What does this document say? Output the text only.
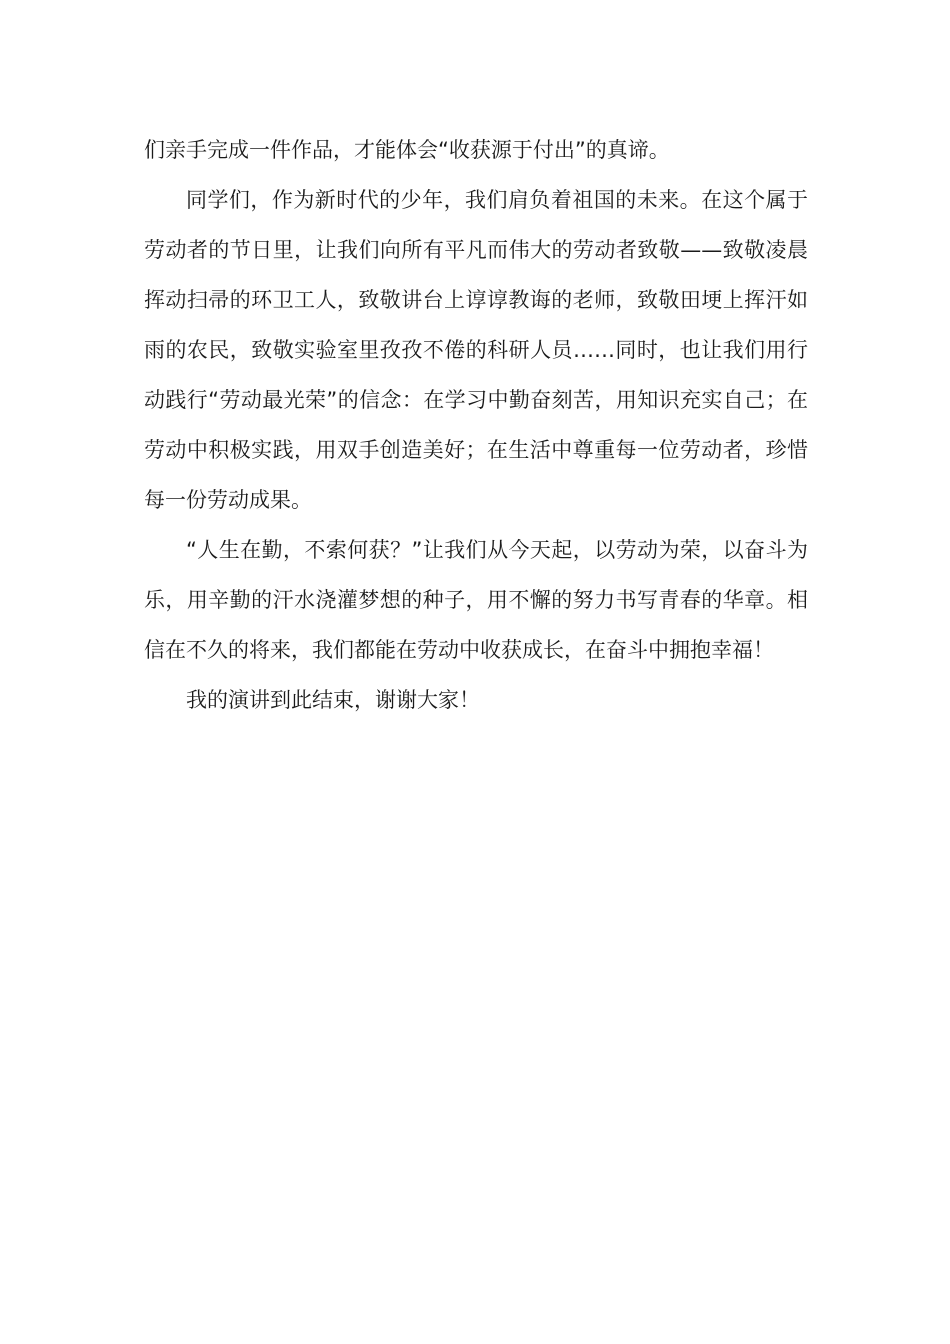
们亲手完成一件作品，才能体会“收获源于付出”的真谛。

同学们，作为新时代的少年，我们肩负着祖国的未来。在这个属于劳动者的节日里，让我们向所有平凡而伟大的劳动者致敬——致敬凌晨挥动扫帚的环卫工人，致敬讲台上谆谆教诲的老师，致敬田埂上挥汗如雨的农民，致敬实验室里孜孜不倦的科研人员……同时，也让我们用行动践行“劳动最光荣”的信念：在学习中勤奋刻苦，用知识充实自己；在劳动中积极实践，用双手创造美好；在生活中尊重每一位劳动者，珍惜每一份劳动成果。

“人生在勤，不索何获？”让我们从今天起，以劳动为荣，以奋斗为乐，用辛勤的汗水浇灌梦想的种子，用不懈的努力书写青春的华章。相信在不久的将来，我们都能在劳动中收获成长，在奋斗中拥抱幸福！

我的演讲到此结束，谢谢大家！
